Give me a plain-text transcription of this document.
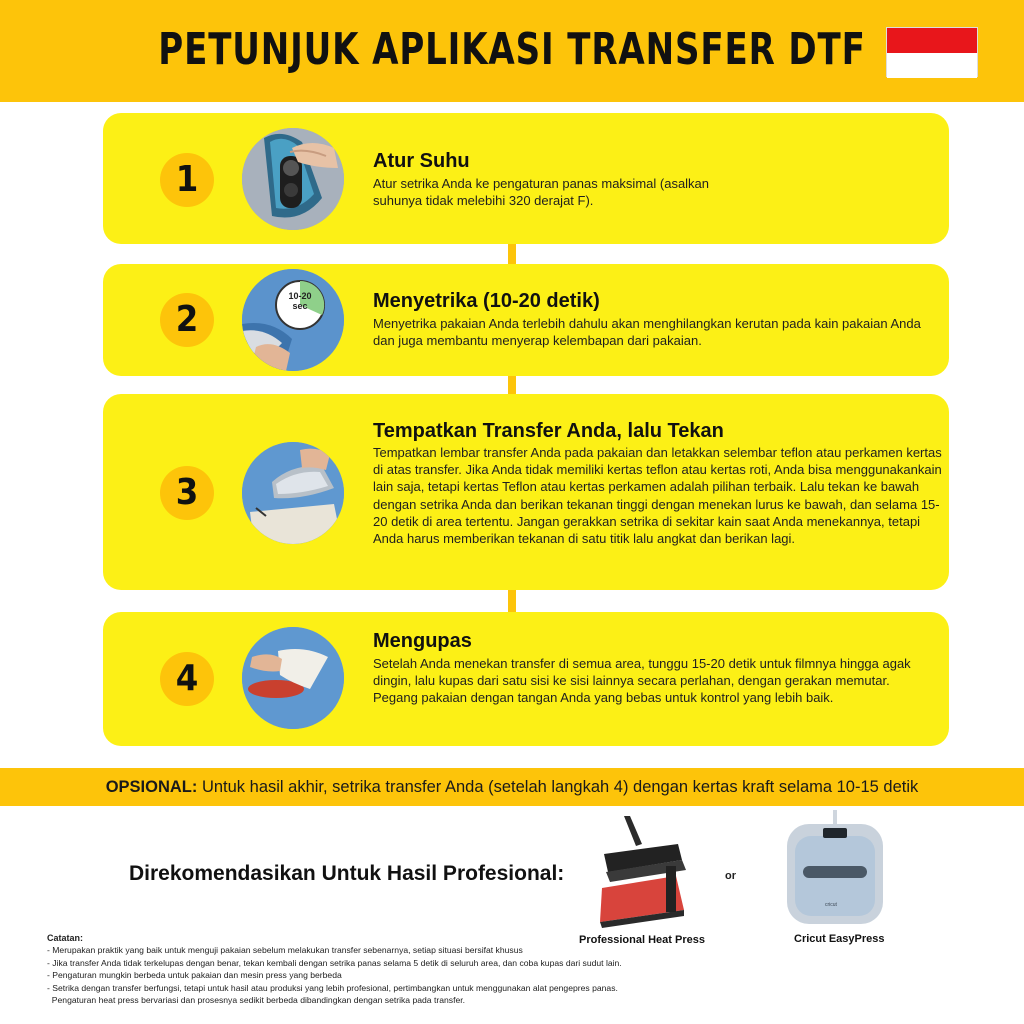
PETUNJUK APLIKASI TRANSFER DTF
1	Atur Suhu

Atur setrika Anda ke pengaturan panas maksimal (asalkan suhunya tidak melebihi 320 derajat F).

2
10-20 sec	Menyetrika (10-20 detik)

Menyetrika pakaian Anda terlebih dahulu akan menghilangkan kerutan pada kain pakaian Anda dan juga membantu menyerap kelembapan dari pakaian.

3
Tempatkan Transfer Anda, lalu Tekan

Tempatkan lembar transfer Anda pada pakaian dan letakkan selembar teflon atau perkamen kertas di atas transfer. Jika Anda tidak memiliki kertas teflon atau kertas roti, Anda bisa menggunakankain lain saja, tetapi kertas Teflon atau kertas perkamen adalah pilihan terbaik. Lalu tekan ke bawah dengan setrika Anda dan berikan tekanan tinggi dengan menekan lurus ke bawah, dan selama 15-20 detik di area tertentu. Jangan gerakkan setrika di sekitar kain saat Anda menekannya, tetapi Anda harus memberikan tekanan di satu titik lalu angkat dan berikan lagi.

4
Mengupas

Setelah Anda menekan transfer di semua area, tunggu 15-20 detik untuk filmnya hingga agak dingin, lalu kupas dari satu sisi ke sisi lainnya secara perlahan, dengan gerakan memutar. Pegang pakaian dengan tangan Anda yang bebas untuk kontrol yang lebih baik.

OPSIONAL: Untuk hasil akhir, setrika transfer Anda (setelah langkah 4) dengan kertas kraft selama 10-15 detik
Direkomendasikan Untuk Hasil Profesional:	or
Professional Heat Press
cricut
Cricut EasyPress
Catatan:
- Merupakan praktik yang baik untuk menguji pakaian sebelum melakukan transfer sebenarnya, setiap situasi bersifat khusus
- Jika transfer Anda tidak terkelupas dengan benar, tekan kembali dengan setrika panas selama 5 detik di seluruh area, dan coba kupas dari sudut lain.
- Pengaturan mungkin berbeda untuk pakaian dan mesin press yang berbeda
- Setrika dengan transfer berfungsi, tetapi untuk hasil atau produksi yang lebih profesional, pertimbangkan untuk menggunakan alat pengepres panas.
Pengaturan heat press bervariasi dan prosesnya sedikit berbeda dibandingkan dengan setrika pada transfer.
